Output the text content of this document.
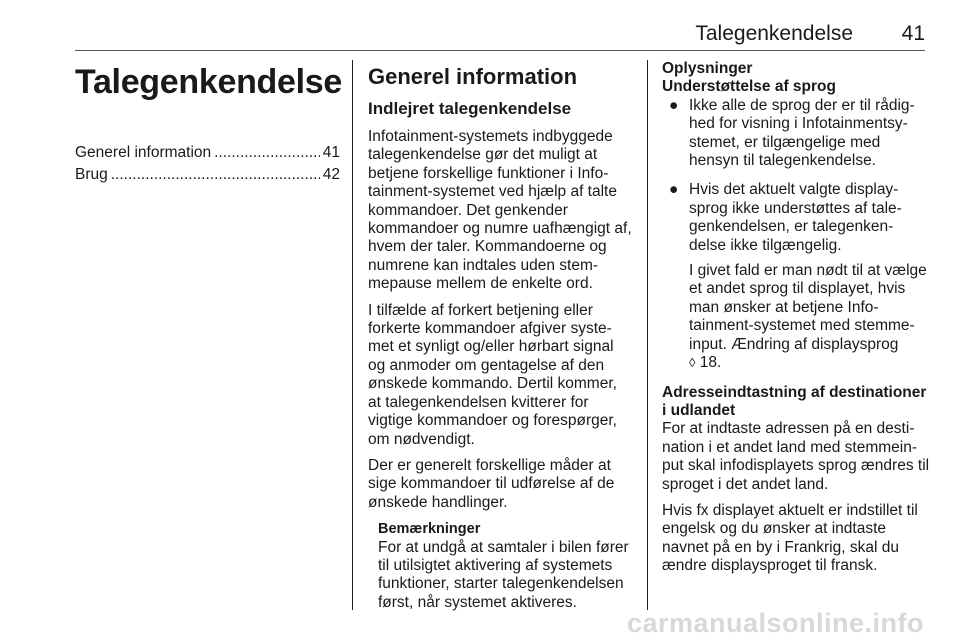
Talegenkendelse 41
Talegenkendelse
Generel information .....	41
Brug .....	42
Generel information
Indlejret talegenkendelse

Infotainment-systemets indbyggede talegenkendelse gør det muligt at betjene forskellige funktioner i Info-tainment-systemet ved hjælp af talte kommandoer. Det genkender kommandoer og numre uafhængigt af, hvem der taler. Kommandoerne og numrene kan indtales uden stem-mepause mellem de enkelte ord.

I tilfælde af forkert betjening eller forkerte kommandoer afgiver syste-met et synligt og/eller hørbart signal og anmoder om gentagelse af den ønskede kommando. Dertil kommer, at talegenkendelsen kvitterer for vigtige kommandoer og forespørger, om nødvendigt.

Der er generelt forskellige måder at sige kommandoer til udførelse af de ønskede handlinger.

Bemærkninger
For at undgå at samtaler i bilen fører til utilsigtet aktivering af systemets funktioner, starter talegenkendelsen først, når systemet aktiveres.
Oplysninger
Understøttelse af sprog
● Ikke alle de sprog der er til rådig-hed for visning i Infotainmentsy-stemet, er tilgængelige med hensyn til talegenkendelse.

● Hvis det aktuelt valgte display-sprog ikke understøttes af tale-genkendelsen, er talegenken-delse ikke tilgængelig.

I givet fald er man nødt til at vælge et andet sprog til displayet, hvis man ønsker at betjene Info-tainment-systemet med stemme-input. Ændring af displaysprog
◊ 18.

Adresseindtastning af destinationer i udlandet

For at indtaste adressen på en desti-nation i et andet land med stemmein-put skal infodisplayets sprog ændres til sproget i det andet land.

Hvis fx displayet aktuelt er indstillet til engelsk og du ønsker at indtaste navnet på en by i Frankrig, skal du ændre displaysproget til fransk.

carmanualsonline.info
